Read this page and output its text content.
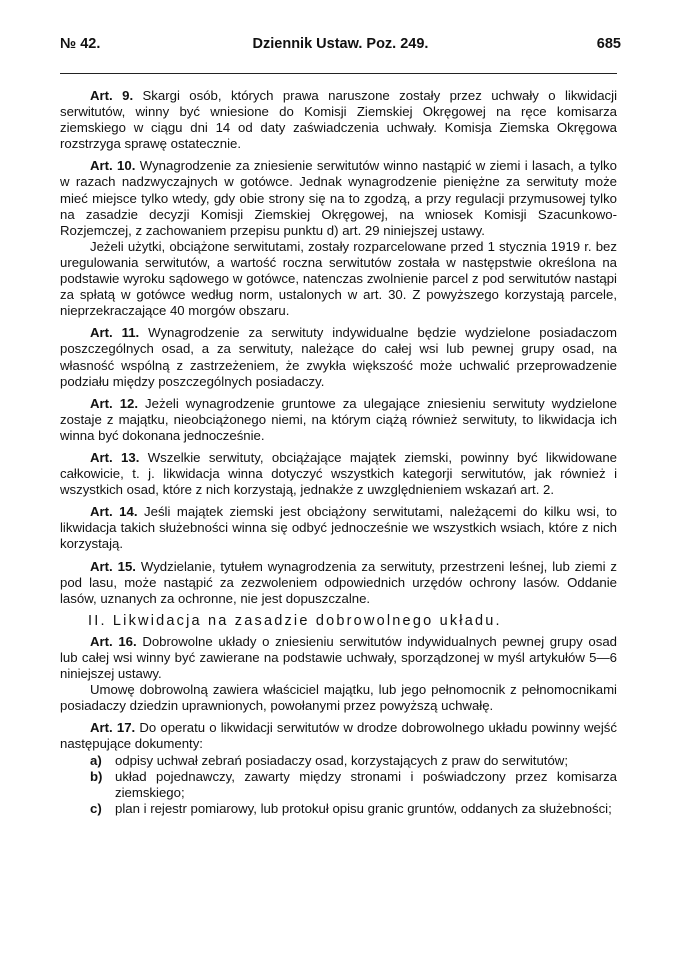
№ 42.	Dziennik Ustaw. Poz. 249.	685

Art. 9. Skargi osób, których prawa naruszone zostały przez uchwały o likwidacji serwitutów, winny być wniesione do Komisji Ziemskiej Okręgowej na ręce komisarza ziemskiego w ciągu dni 14 od daty zaświadczenia uchwały. Komisja Ziemska Okręgowa rozstrzyga sprawę ostatecznie.

Art. 10. Wynagrodzenie za zniesienie serwitutów winno nastąpić w ziemi i lasach, a tylko w razach nadzwyczajnych w gotówce. Jednak wynagrodzenie pieniężne za serwituty może mieć miejsce tylko wtedy, gdy obie strony się na to zgodzą, a przy regulacji przymusowej tylko na zasadzie decyzji Komisji Ziemskiej Okręgowej, na wniosek Komisji Szacunkowo-Rozjemczej, z zachowaniem przepisu punktu d) art. 29 niniejszej ustawy.

Jeżeli użytki, obciążone serwitutami, zostały rozparcelowane przed 1 stycznia 1919 r. bez uregulowania serwitutów, a wartość roczna serwitutów została w następstwie określona na podstawie wyroku sądowego w gotówce, natenczas zwolnienie parcel z pod serwitutów nastąpi za spłatą w gotówce według norm, ustalonych w art. 30. Z powyższego korzystają parcele, nieprzekraczające 40 morgów obszaru.

Art. 11. Wynagrodzenie za serwituty indywidualne będzie wydzielone posiadaczom poszczególnych osad, a za serwituty, należące do całej wsi lub pewnej grupy osad, na własność wspólną z zastrzeżeniem, że zwykła większość może uchwalić przeprowadzenie podziału między poszczególnych posiadaczy.

Art. 12. Jeżeli wynagrodzenie gruntowe za ulegające zniesieniu serwituty wydzielone zostaje z majątku, nieobciążonego niemi, na którym ciążą również serwituty, to likwidacja ich winna być dokonana jednocześnie.

Art. 13. Wszelkie serwituty, obciążające majątek ziemski, powinny być likwidowane całkowicie, t. j. likwidacja winna dotyczyć wszystkich kategorji serwitutów, jak również i wszystkich osad, które z nich korzystają, jednakże z uwzględnieniem wskazań art. 2.

Art. 14. Jeśli majątek ziemski jest obciążony serwitutami, należącemi do kilku wsi, to likwidacja takich służebności winna się odbyć jednocześnie we wszystkich wsiach, które z nich korzystają.

Art. 15. Wydzielanie, tytułem wynagrodzenia za serwituty, przestrzeni leśnej, lub ziemi z pod lasu, może nastąpić za zezwoleniem odpowiednich urzędów ochrony lasów. Oddanie lasów, uznanych za ochronne, nie jest dopuszczalne.

II. Likwidacja na zasadzie dobrowolnego układu.

Art. 16. Dobrowolne układy o zniesieniu serwitutów indywidualnych pewnej grupy osad lub całej wsi winny być zawierane na podstawie uchwały, sporządzonej w myśl artykułów 5—6 niniejszej ustawy.

Umowę dobrowolną zawiera właściciel majątku, lub jego pełnomocnik z pełnomocnikami posiadaczy dziedzin uprawnionych, powołanymi przez powyższą uchwałę.

Art. 17. Do operatu o likwidacji serwitutów w drodze dobrowolnego układu powinny wejść następujące dokumenty:

a) odpisy uchwał zebrań posiadaczy osad, korzystających z praw do serwitutów;

b) układ pojednawczy, zawarty między stronami i poświadczony przez komisarza ziemskiego;

c) plan i rejestr pomiarowy, lub protokuł opisu granic gruntów, oddanych za służebności;
